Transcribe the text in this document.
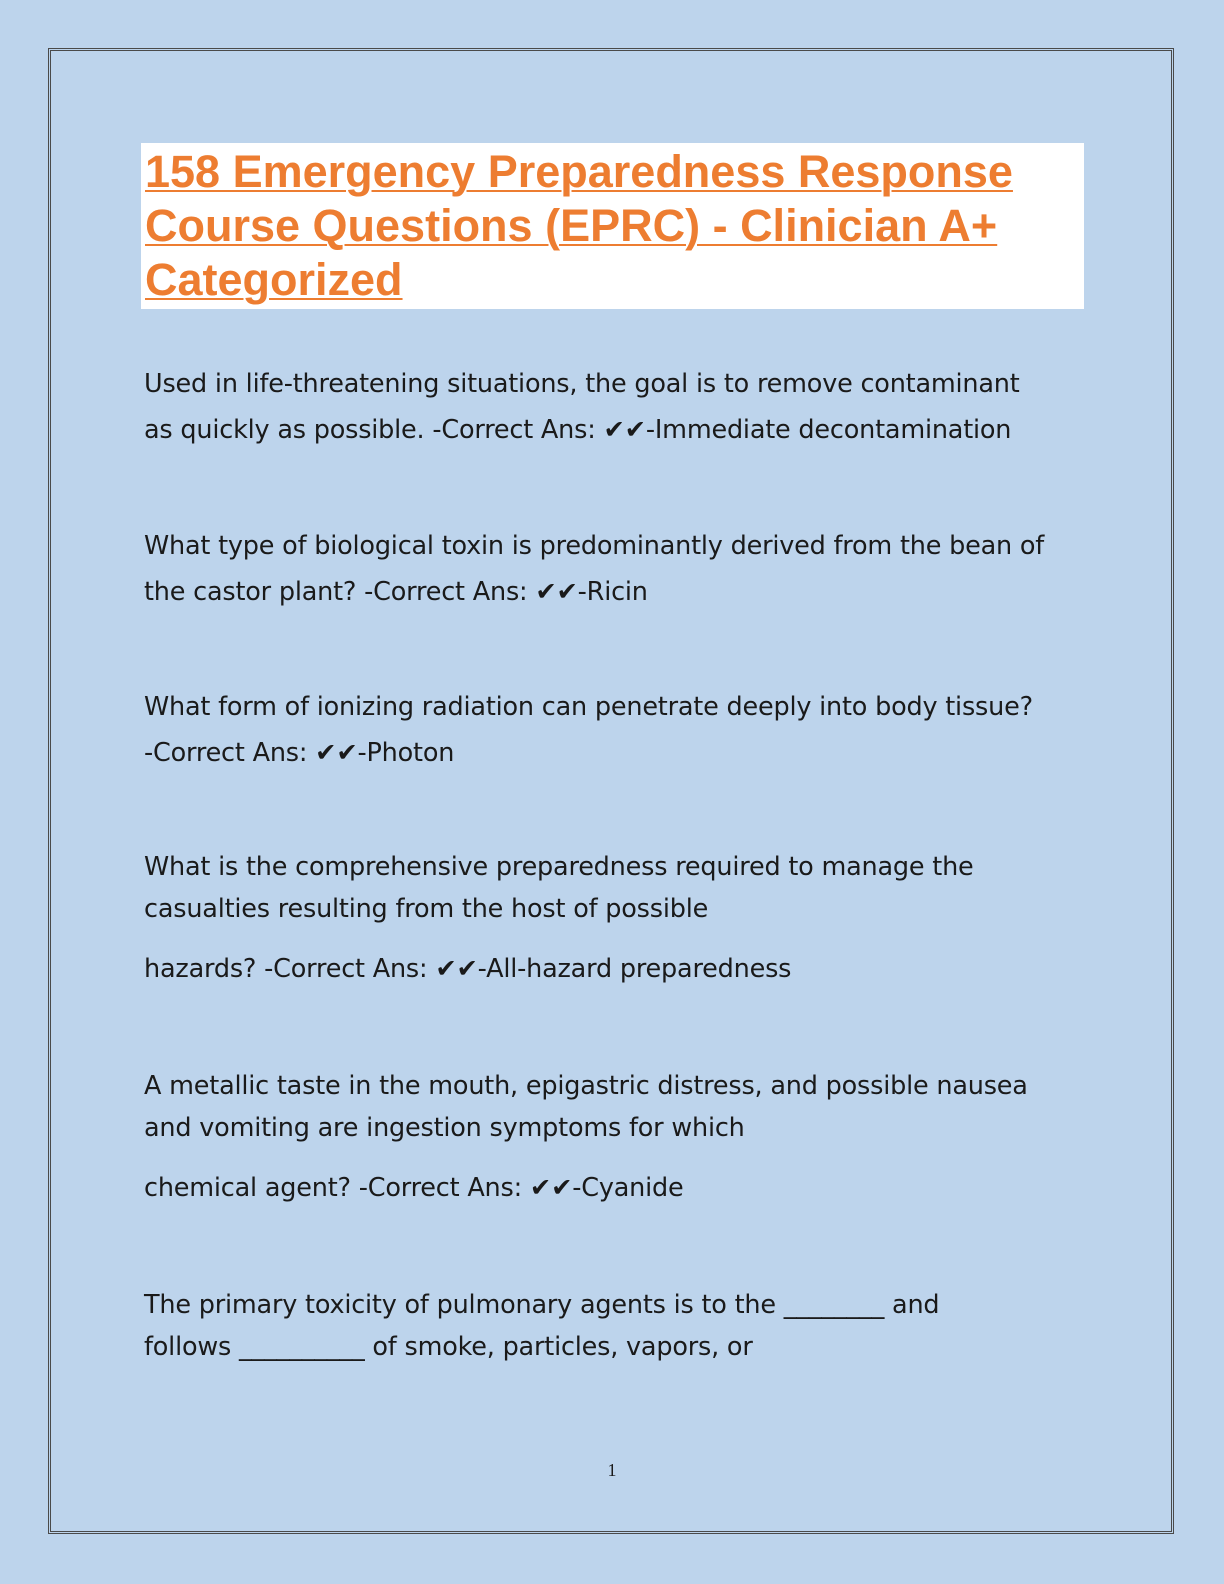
158 Emergency Preparedness Response
Course Questions (EPRC) - Clinician A+
Categorized
Used in life-threatening situations, the goal is to remove contaminant
as quickly as possible. -Correct Ans: ✔✔-Immediate decontamination
What type of biological toxin is predominantly derived from the bean of
the castor plant? -Correct Ans: ✔✔-Ricin
What form of ionizing radiation can penetrate deeply into body tissue?
-Correct Ans: ✔✔-Photon
What is the comprehensive preparedness required to manage the
casualties resulting from the host of possible
hazards? -Correct Ans: ✔✔-All-hazard preparedness
A metallic taste in the mouth, epigastric distress, and possible nausea
and vomiting are ingestion symptoms for which
chemical agent? -Correct Ans: ✔✔-Cyanide
The primary toxicity of pulmonary agents is to the ________ and
follows __________ of smoke, particles, vapors, or
1
